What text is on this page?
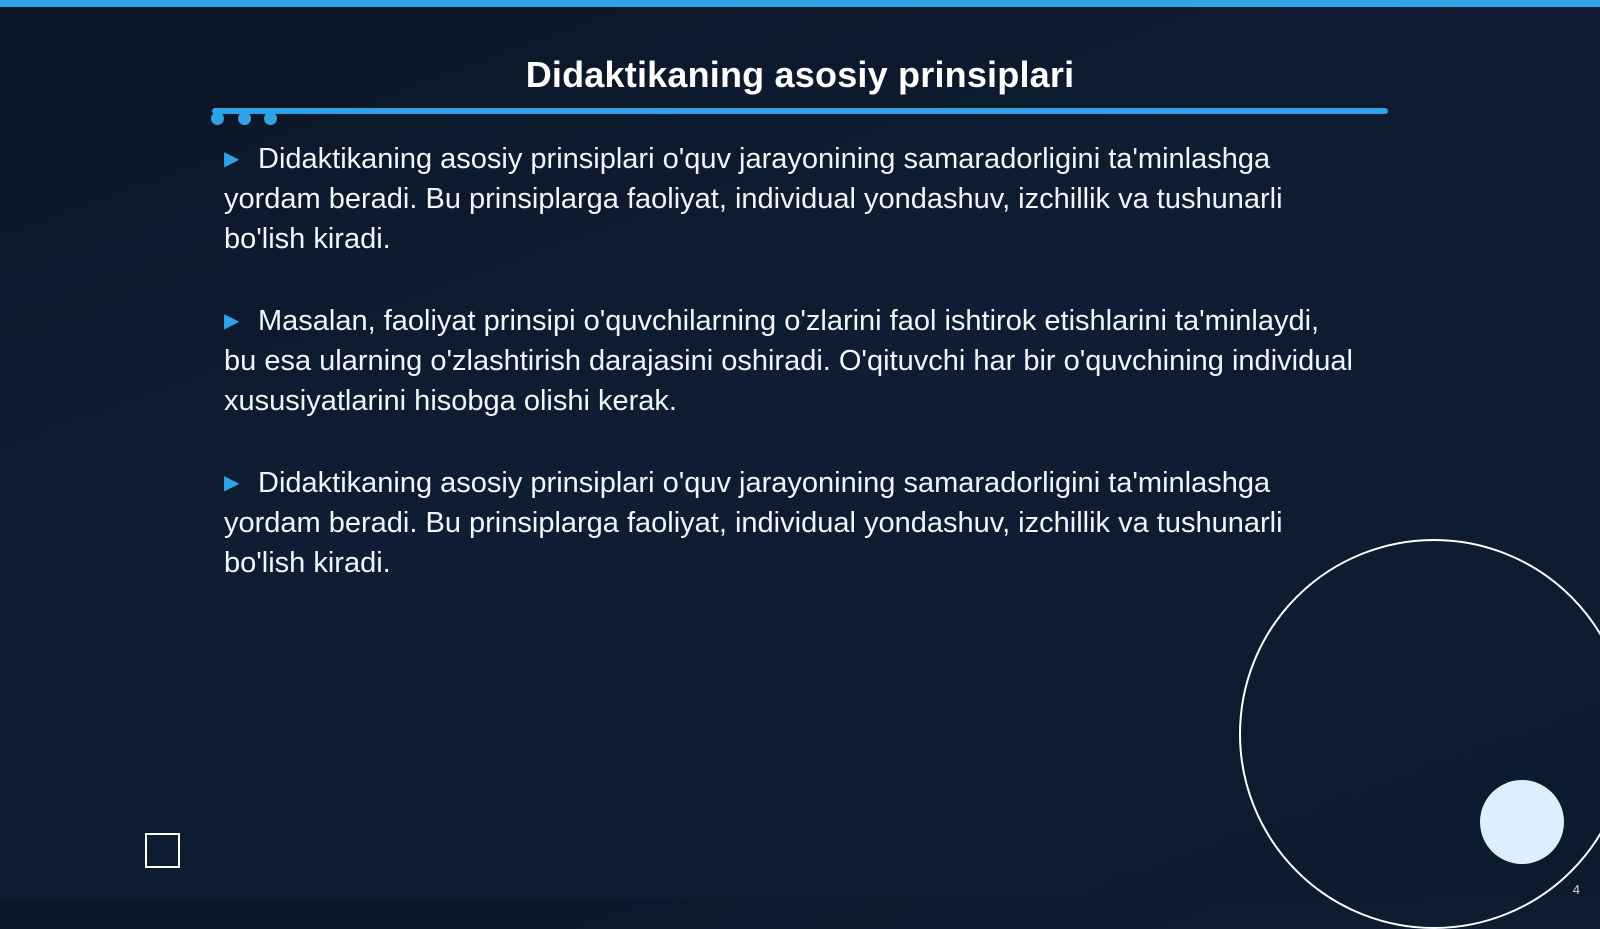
Didaktikaning asosiy prinsiplari

▶ Didaktikaning asosiy prinsiplari o'quv jarayonining samaradorligini ta'minlashga yordam beradi. Bu prinsiplarga faoliyat, individual yondashuv, izchillik va tushunarli bo'lish kiradi.

▶ Masalan, faoliyat prinsipi o'quvchilarning o'zlarini faol ishtirok etishlarini ta'minlaydi, bu esa ularning o'zlashtirish darajasini oshiradi. O'qituvchi har bir o'quvchining individual xususiyatlarini hisobga olishi kerak.

▶ Didaktikaning asosiy prinsiplari o'quv jarayonining samaradorligini ta'minlashga yordam beradi. Bu prinsiplarga faoliyat, individual yondashuv, izchillik va tushunarli bo'lish kiradi.

4
